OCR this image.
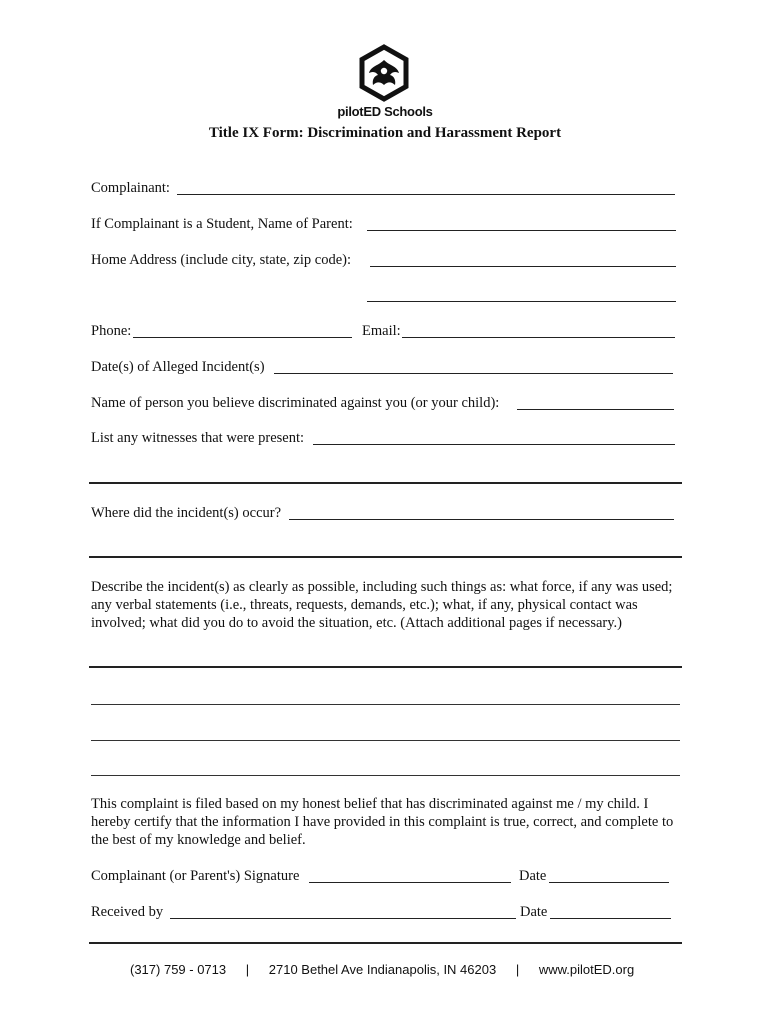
pilotED Schools
Title IX Form: Discrimination and Harassment Report
Complainant:
If Complainant is a Student, Name of Parent:
Home Address (include city, state, zip code):
Phone:	Email:
Date(s) of Alleged Incident(s)
Name of person you believe discriminated against you (or your child):
List any witnesses that were present:
Where did the incident(s) occur?
Describe the incident(s) as clearly as possible, including such things as: what force, if any was used; any verbal statements (i.e., threats, requests, demands, etc.); what, if any, physical contact was involved; what did you do to avoid the situation, etc. (Attach additional pages if necessary.)
This complaint is filed based on my honest belief that has discriminated against me / my child. I hereby certify that the information I have provided in this complaint is true, correct, and complete to the best of my knowledge and belief.
Complainant (or Parent's) Signature	Date
Received by	Date
(317) 759 - 0713 | 2710 Bethel Ave Indianapolis, IN 46203 | www.pilotED.org
